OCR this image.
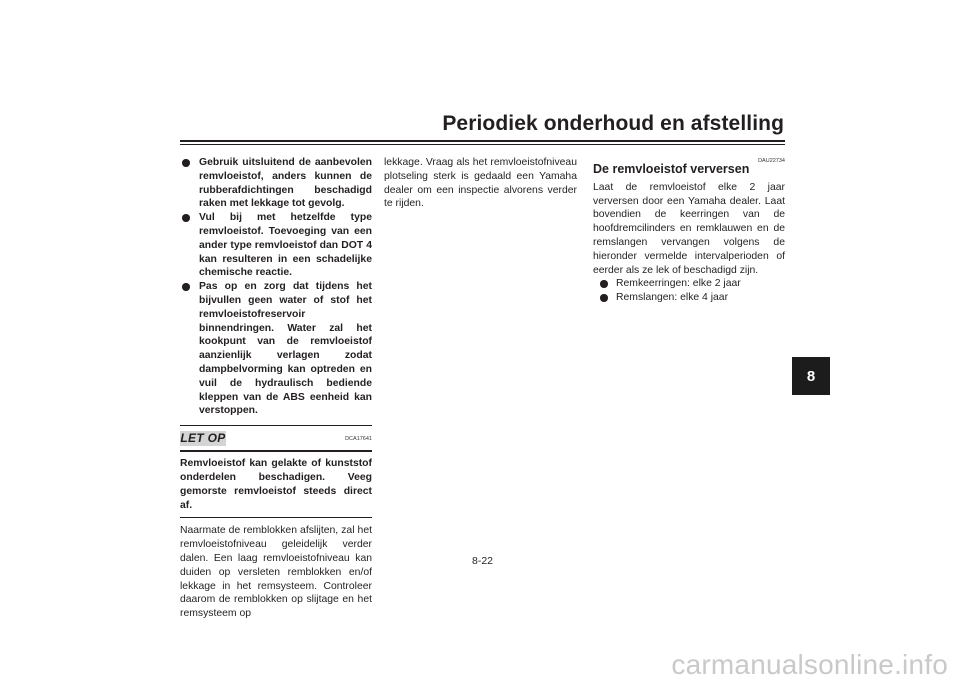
Periodiek onderhoud en afstelling
8
Gebruik uitsluitend de aanbevolen remvloeistof, anders kunnen de rubberafdichtingen beschadigd raken met lekkage tot gevolg.
Vul bij met hetzelfde type remvloeistof. Toevoeging van een ander type remvloeistof dan DOT 4 kan resulteren in een schadelijke chemische reactie.
Pas op en zorg dat tijdens het bijvullen geen water of stof het remvloeistofreservoir binnendringen. Water zal het kookpunt van de remvloeistof aanzienlijk verlagen zodat dampbelvorming kan optreden en vuil de hydraulisch bediende kleppen van de ABS eenheid kan verstoppen.
LET OP	DCA17641
Remvloeistof kan gelakte of kunststof onderdelen beschadigen. Veeg gemorste remvloeistof steeds direct af.

Naarmate de remblokken afslijten, zal het remvloeistofniveau geleidelijk verder dalen. Een laag remvloeistofniveau kan duiden op versleten remblokken en/of lekkage in het remsysteem. Controleer daarom de remblokken op slijtage en het remsysteem op

lekkage. Vraag als het remvloeistofniveau plotseling sterk is gedaald een Yamaha dealer om een inspectie alvorens verder te rijden.

DAU22734
De remvloeistof verversen

Laat de remvloeistof elke 2 jaar verversen door een Yamaha dealer. Laat bovendien de keerringen van de hoofdremcilinders en remklauwen en de remslangen vervangen volgens de hieronder vermelde intervalperioden of eerder als ze lek of beschadigd zijn.

Remkeerringen: elke 2 jaar
Remslangen: elke 4 jaar
8-22
carmanualsonline.info
